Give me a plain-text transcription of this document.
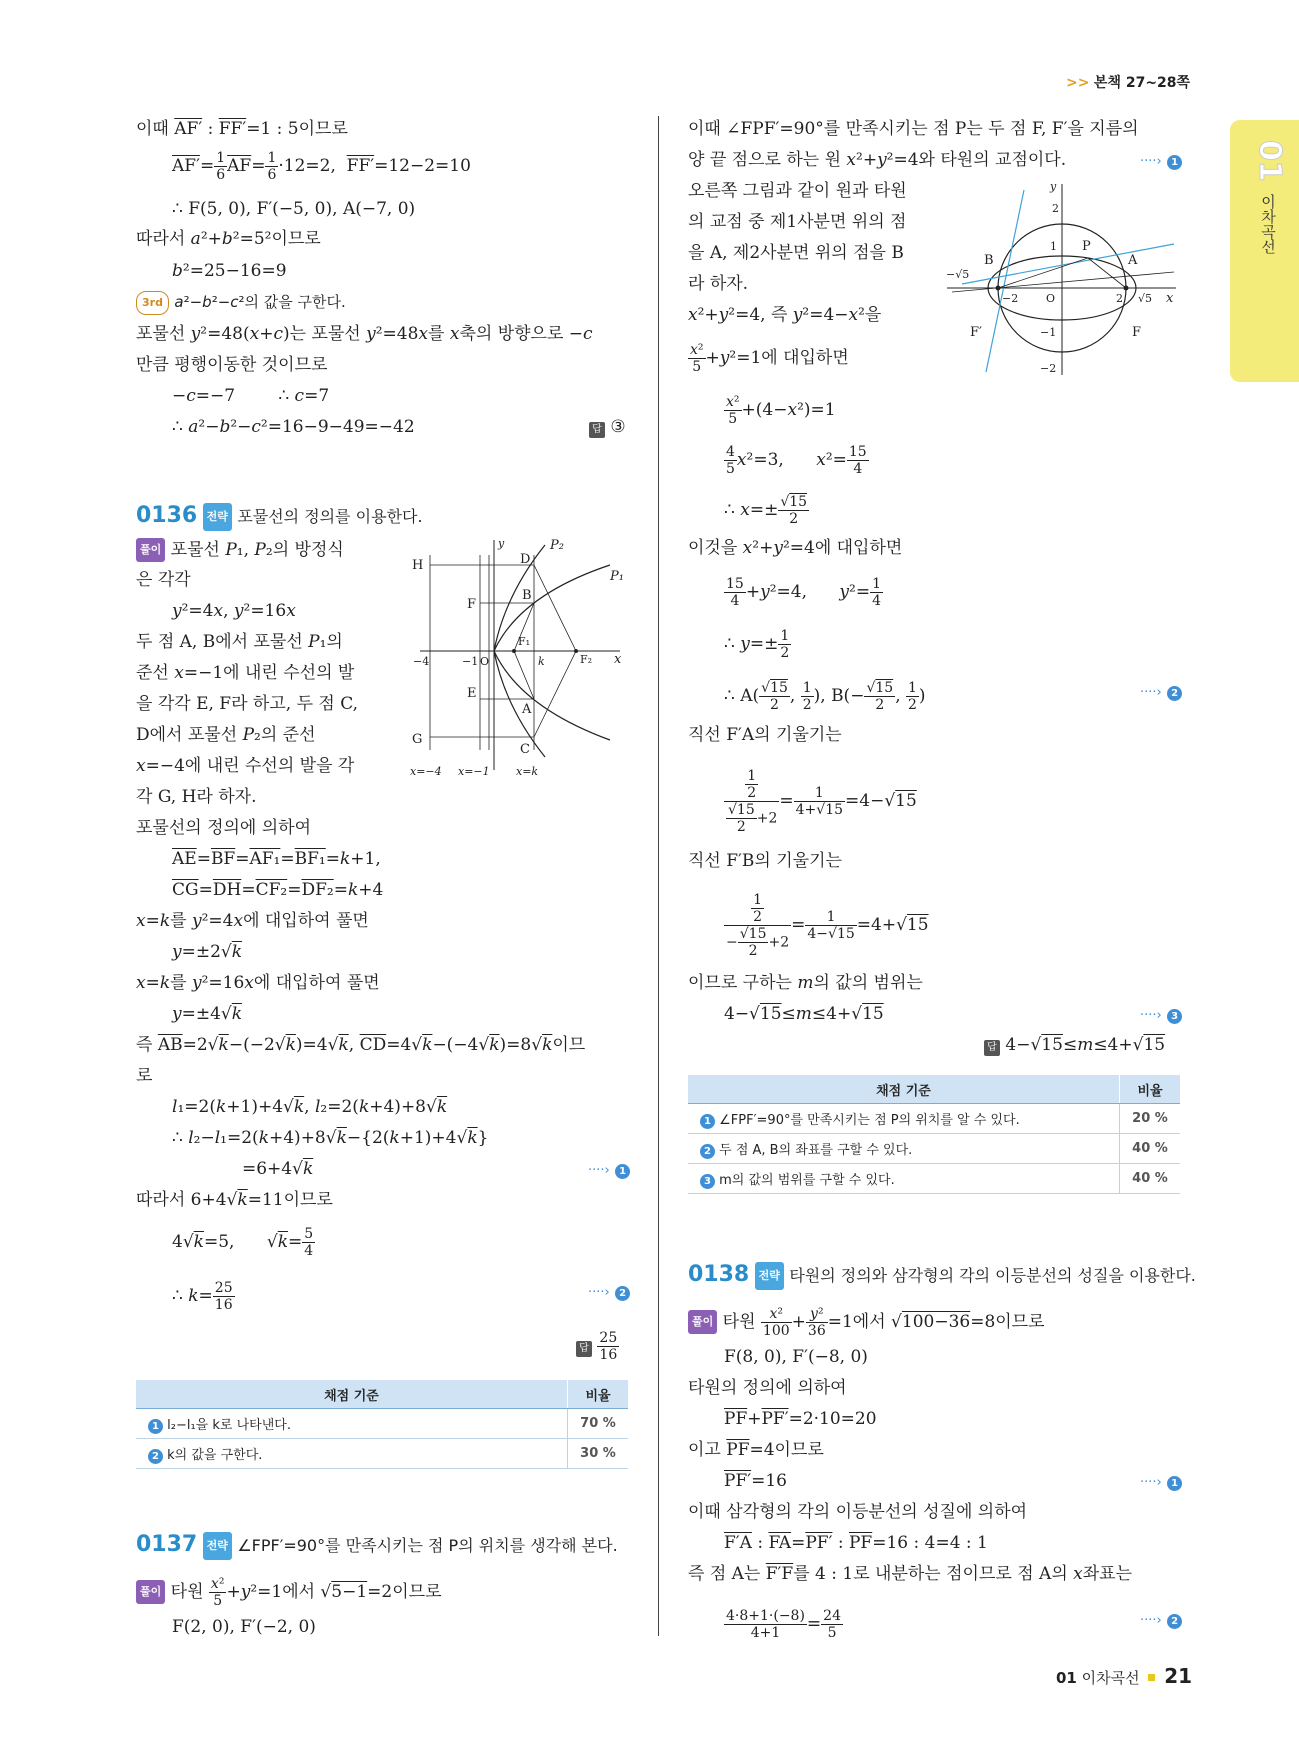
>> 본책 27~28쪽
01
이차곡선
이때 AF′ : FF′=1 : 5이므로
$AF'= \frac{1}{6} \overline{AF}= \frac{1}{6} \cdot 12=2$,  FF′=12−2=10
∴ F(5, 0), F′(−5, 0), A(−7, 0)
따라서 a²+b²=5²이므로
b²=25−16=9
3rd a²−b²−c²의 값을 구한다.
포물선 y²=48(x+c)는 포물선 y²=48x를 x축의 방향으로 −c
만큼 평행이동한 것이므로
−c=−7        ∴ c=7
∴ a²−b²−c²=16−9−49=−42	답 ③
0136 전략 포물선의 정의를 이용한다.
풀이 포물선 P₁, P₂의 방정식
은 각각
y²=4x, y²=16x
두 점 A, B에서 포물선 P₁의
준선 x=−1에 내린 수선의 발
을 각각 E, F라 하고, 두 점 C,
D에서 포물선 P₂의 준선
x=−4에 내린 수선의 발을 각
각 G, H라 하자.
포물선의 정의에 의하여
$\overline{AE}=\overline{BF}=AF_1=BF_1=k+1$,
$\overline{CG}=\overline{DH}=CF_2=DF_2=k+4$
x=k를 y²=4x에 대입하여 풀면
y=±2√k
x=k를 y²=16x에 대입하여 풀면
y=±4√k
즉 $\overline{AB}=2√k-(-2√k)=4√k$, $\overline{CD}=4√k-(-4√k)=8√k$이므
로
l₁=2(k+1)+4√k, l₂=2(k+4)+8√k
∴ l₂−l₁=2(k+4)+8√k−{2(k+1)+4√k}
=6+4√k	····› 1
따라서 6+4√k=11이므로
4√k=5,      $√k= \frac{5}{4}$
∴ $k= \frac{25}{16}$	····› 2
답 $\frac{25}{16}$
H	D
P₂
P₁
y
F
B
F₁
F₂ x
−4	−1 O	k
E
A
G
C
x=−4 x=−1 x=k
채점 기준	비율
1 l₂−l₁을 k로 나타낸다.	70 %
2 k의 값을 구한다.	30 %
0137 전략 ∠FPF′=90°를 만족시키는 점 P의 위치를 생각해 본다.
풀이 타원 $\frac{\text{x²}}{5} +y^2=1$에서 √5−1=2이므로
F(2, 0), F′(−2, 0)
이때 ∠FPF′=90°를 만족시키는 점 P는 두 점 F, F′을 지름의
양 끝 점으로 하는 원 x²+y²=4와 타원의 교점이다.	····› 1
오른쪽 그림과 같이 원과 타원
의 교점 중 제1사분면 위의 점
을 A, 제2사분면 위의 점을 B
라 하자.
x²+y²=4, 즉 y²=4−x²을
$\frac{\text{x²}}{5} +y^2=1$에 대입하면
$\frac{\text{x²}}{5} +(4-x^2)=1$
$\frac{4}{5} x^2=3$,      $x^2= \frac{15}{4}$
∴ $x=\pm \frac{√15}{2}$
이것을 x²+y²=4에 대입하면
$\frac{15}{4} +y^2=4$,      $y^2= \frac{1}{4}$
∴ $y=\pm \frac{1}{2}$
∴ $A( \frac{√15}{2}$ , $\frac{1}{2}$ ), $B(- \frac{√15}{2}$ , $\frac{1}{2}$ )	····› 2
직선 F′A의 기울기는
$\frac{\frac{1}{2}}{\frac{√15}{2} +2} = \frac{1}{4+√15} =4-√15$
직선 F′B의 기울기는
$\frac{\frac{1}{2}}{- \frac{√15}{2} +2} = \frac{1}{4-√15} =4+√15$
이므로 구하는 m의 값의 범위는
4−√15≤m≤4+√15	····› 3
답 4−√15≤m≤4+√15
y
2
1 P
B	A
−√5
−2	O	2 √5 x
F′	−1	F
−2
채점 기준	비율
1 ∠FPF′=90°를 만족시키는 점 P의 위치를 알 수 있다.	20 %
2 두 점 A, B의 좌표를 구할 수 있다.	40 %
3 m의 값의 범위를 구할 수 있다.	40 %
0138 전략 타원의 정의와 삼각형의 각의 이등분선의 성질을 이용한다.
풀이 타원 $\frac{\text{x²}}{100} + \frac{\text{y²}}{36} =1$에서 √100−36=8이므로
F(8, 0), F′(−8, 0)
타원의 정의에 의하여
$\overline{PF}+PF'=2\cdot 10=20$
이고 $\overline{PF}=4$이므로
PF′=16	····› 1
이때 삼각형의 각의 이등분선의 성질에 의하여
F′A : $\overline{FA}=PF'$ : $\overline{PF}=16$ : 4=4 : 1
즉 점 A는 F′F를 4 : 1로 내분하는 점이므로 점 A의 x좌표는
$\frac{4\cdot 8+1\cdot(-8)}{4+1} = \frac{24}{5}$	····› 2
01 이차곡선 21
